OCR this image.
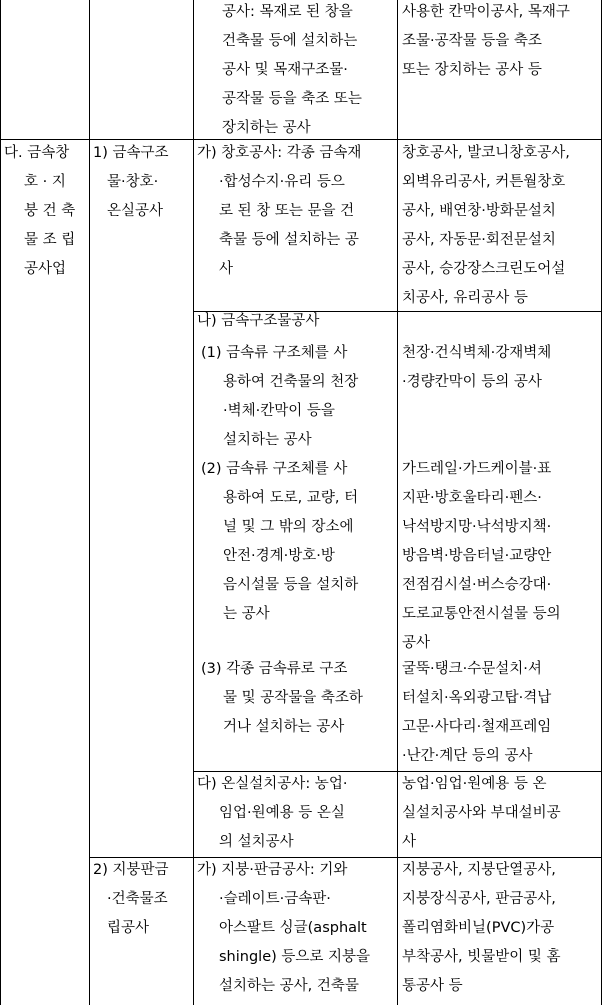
공사: 목재로 된 창을
건축물 등에 설치하는
공사 및 목재구조물·
공작물 등을 축조 또는
장치하는 공사
사용한 칸막이공사, 목재구
조물·공작물 등을 축조
또는 장치하는 공사 등
다. 금속창
호 · 지
붕 건 축
물 조 립
공사업
1) 금속구조
물·창호·
온실공사
가) 창호공사: 각종 금속재
·합성수지·유리 등으
로 된 창 또는 문을 건
축물 등에 설치하는 공
사
창호공사, 발코니창호공사,
외벽유리공사, 커튼월창호
공사, 배연창·방화문설치
공사, 자동문·회전문설치
공사, 승강장스크린도어설
치공사, 유리공사 등
나) 금속구조물공사
(1) 금속류 구조체를 사
용하여 건축물의 천장
·벽체·칸막이 등을
설치하는 공사
천장·건식벽체·강재벽체
·경량칸막이 등의 공사
(2) 금속류 구조체를 사
용하여 도로, 교량, 터
널 및 그 밖의 장소에
안전·경계·방호·방
음시설물 등을 설치하
는 공사
가드레일·가드케이블·표
지판·방호울타리·펜스·
낙석방지망·낙석방지책·
방음벽·방음터널·교량안
전점검시설·버스승강대·
도로교통안전시설물 등의
공사
(3) 각종 금속류로 구조
물 및 공작물을 축조하
거나 설치하는 공사
굴뚝·탱크·수문설치·셔
터설치·옥외광고탑·격납
고문·사다리·철재프레임
·난간·계단 등의 공사
다) 온실설치공사: 농업·
임업·원예용 등 온실
의 설치공사
농업·임업·원예용 등 온
실설치공사와 부대설비공
사
2) 지붕판금
·건축물조
립공사
가) 지붕·판금공사: 기와
·슬레이트·금속판·
아스팔트 싱글(asphalt
shingle) 등으로 지붕을
설치하는 공사, 건축물
지붕공사, 지붕단열공사,
지붕장식공사, 판금공사,
폴리염화비닐(PVC)가공
부착공사, 빗물받이 및 홈
통공사 등
